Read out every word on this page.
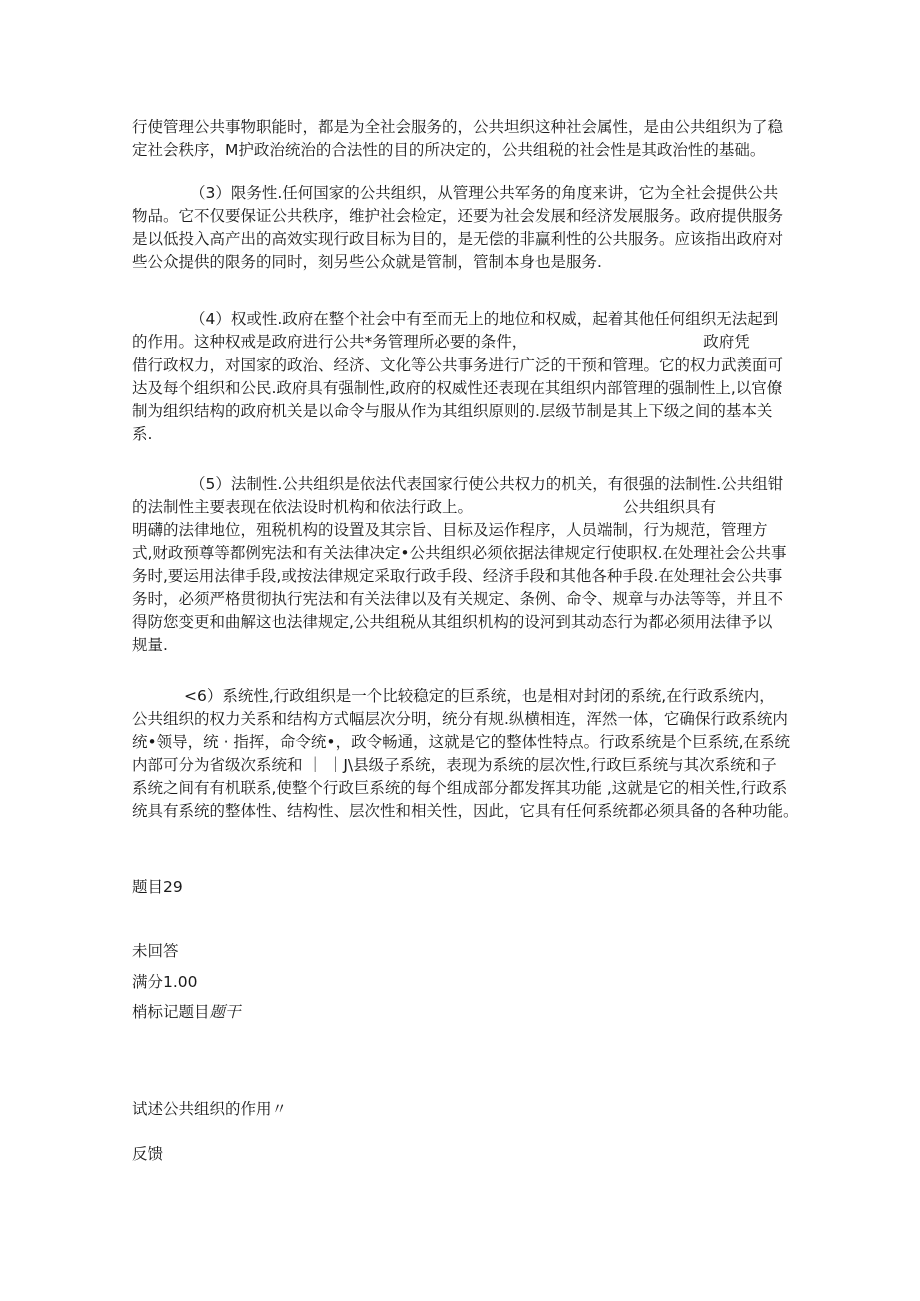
行使管理公共事物职能时，都是为全社会服务的，公共坦织这种社会属性，是由公共组织为了稳
定社会秩序，M护政治统治的合法性的目的所决定的，公共组税的社会性是其政治性的基础。
（3）限务性.任何国家的公共组织，从管理公共军务的角度来讲，它为全社会提供公共
物品。它不仅要保证公共秩序，维护社会检定，还要为社会发展和经济发展服务。政府提供服务
是以低投入高产出的高效实现行政目标为目的，是无偿的非赢利性的公共服务。应该指出政府对
些公众提供的限务的同时，刻另些公众就是管制，管制本身也是服务.
（4）权或性.政府在整个社会中有至而无上的地位和权威，起着其他任何组织无法起到
的作用。这种权戒是政府进行公共*务管理所必要的条件，	政府凭
借行政权力，对国家的政治、经济、文化等公共事务进行广泛的干预和管理。它的权力武羡面可
达及每个组织和公民.政府具有强制性,政府的权威性还表现在其组织内部管理的强制性上,以官僚
制为组织结构的政府机关是以命令与服从作为其组织原则的.层级节制是其上下级之间的基本关
系.
（5）法制性.公共组织是依法代表国家行使公共权力的机关，有很强的法制性.公共组钳
的法制性主要表现在依法设时机构和依法行政上。	公共组织具有
明礴的法律地位，殂税机构的设置及其宗旨、目标及运作程序，人员端制，行为规范，管理方
式,财政预尊等都例宪法和有关法律决定•公共组织必须依据法律规定行使职权.在处理社会公共事
务时,要运用法律手段,或按法律规定采取行政手段、经济手段和其他各种手段.在处理社会公共事
务时，必须严格贯彻执行宪法和有关法律以及有关规定、条例、命令、规章与办法等等，并且不
得防您变更和曲解这也法律规定,公共组税从其组织机构的设河到其动态行为都必须用法律予以
规量.
<6）系统性,行政组织是一个比较稳定的巨系统，也是相对封闭的系统,在行政系统内，
公共组织的权力关系和结构方式幅层次分明，统分有规.纵横相连，浑然一体，它确保行政系统内
统•领导，统 · 指挥，命令统•，政令畅通，这就是它的整体性特点。行政系统是个巨系统,在系统
内部可分为省级次系统和 ｜ ｜J\县级子系统，表现为系统的层次性,行政巨系统与其次系统和子
系统之间有有机联系,使整个行政巨系统的每个组成部分都发挥其功能 ,这就是它的相关性,行政系
统具有系统的整体性、结构性、层次性和相关性，因此，它具有任何系统都必须具备的各种功能。
题目29
未回答
满分1.00
梢标记题目题干
试述公共组织的作用〃
反馈
